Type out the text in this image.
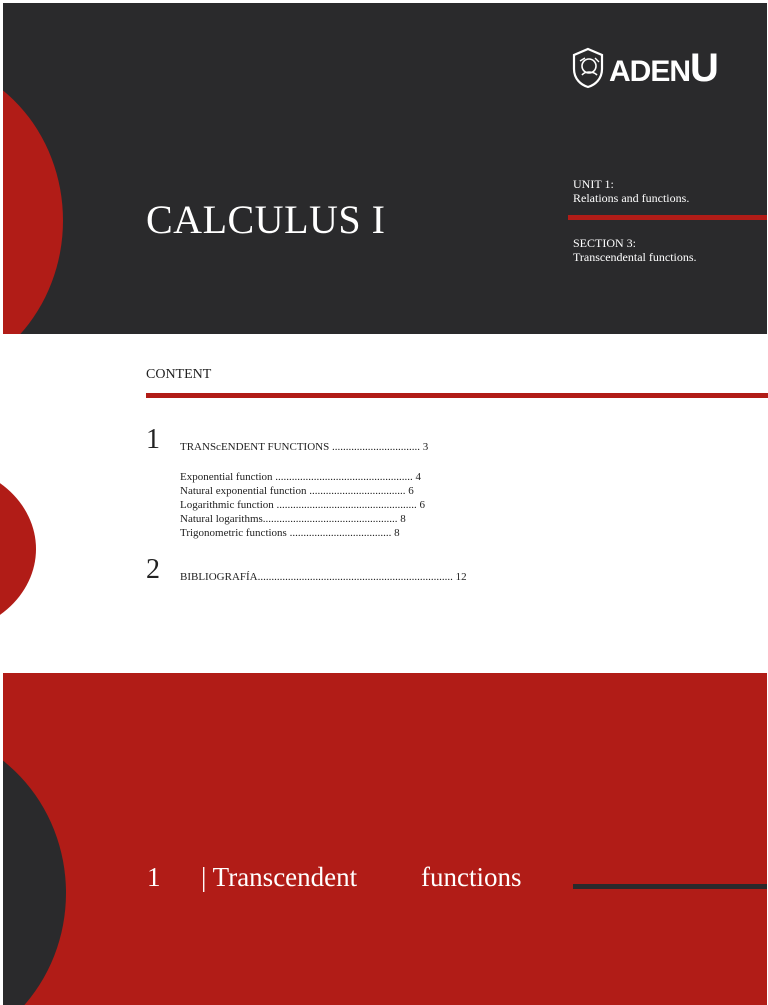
ADENU
CALCULUS I
UNIT 1:
Relations and functions.
SECTION 3:
Transcendental functions.
CONTENT
1 TRANScENDENT FUNCTIONS ................................ 3
Exponential function .................................................. 4
Natural exponential function ................................... 6
Logarithmic function ................................................... 6
Natural logarithms................................................. 8
Trigonometric functions ..................................... 8
2 BIBLIOGRAFÍA....................................................................... 12
1 | Transcendent functions
